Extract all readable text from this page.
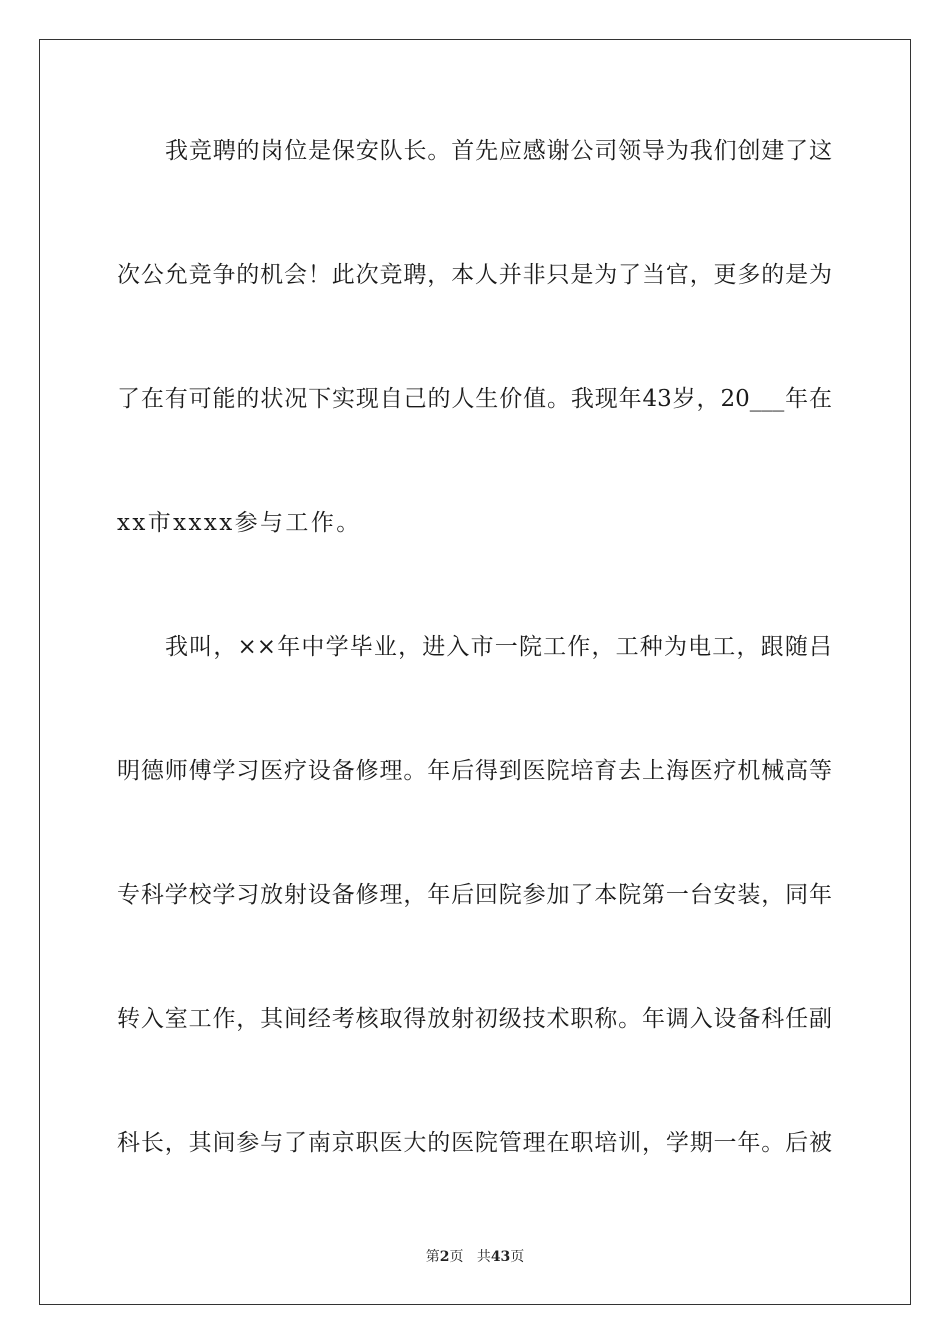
我竞聘的岗位是保安队长。首先应感谢公司领导为我们创建了这
次公允竞争的机会！此次竞聘，本人并非只是为了当官，更多的是为
了在有可能的状况下实现自己的人生价值。我现年43岁，20___年在
xx市xxxx参与工作。
我叫，××年中学毕业，进入市一院工作，工种为电工，跟随吕
明德师傅学习医疗设备修理。年后得到医院培育去上海医疗机械高等
专科学校学习放射设备修理，年后回院参加了本院第一台安装，同年
转入室工作，其间经考核取得放射初级技术职称。年调入设备科任副
科长，其间参与了南京职医大的医院管理在职培训，学期一年。后被
第2页 共43页
